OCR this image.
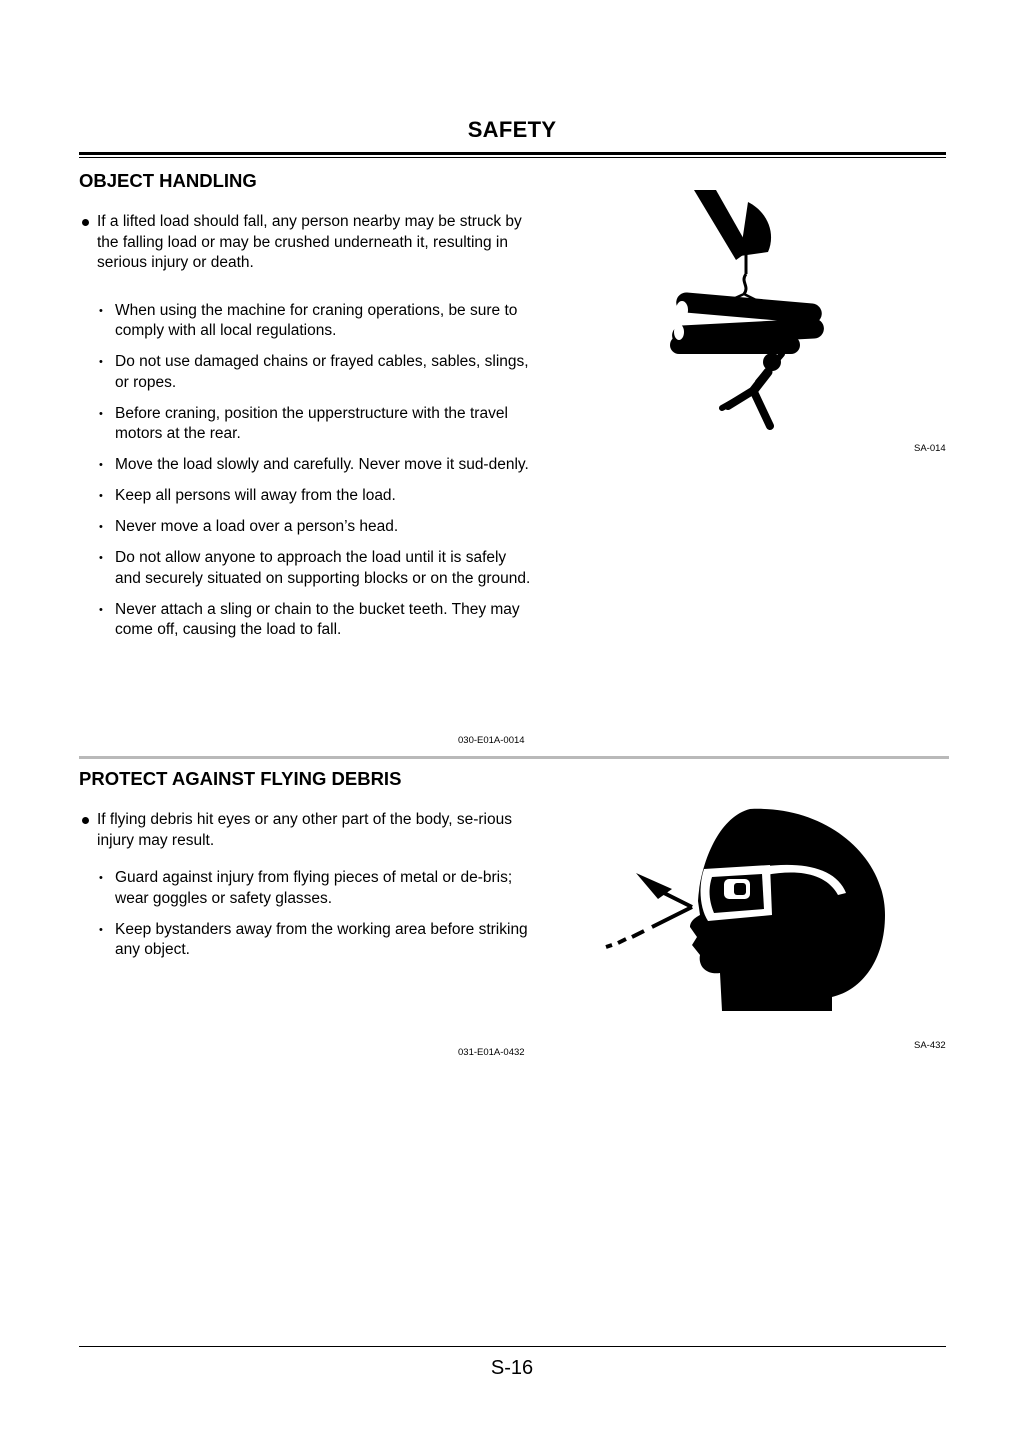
SAFETY
OBJECT HANDLING

If a lifted load should fall, any person nearby may be struck by the falling load or may be crushed underneath it, resulting in serious injury or death.

• When using the machine for craning operations, be sure to comply with all local regulations.
• Do not use damaged chains or frayed cables, sables, slings, or ropes.
• Before craning, position the upperstructure with the travel motors at the rear.
• Move the load slowly and carefully. Never move it sud-denly.
• Keep all persons will away from the load.
• Never move a load over a person’s head.
• Do not allow anyone to approach the load until it is safely and securely situated on supporting blocks or on the ground.
• Never attach a sling or chain to the bucket teeth. They may come off, causing the load to fall.
030-E01A-0014
SA-014
PROTECT AGAINST FLYING DEBRIS

If flying debris hit eyes or any other part of the body, se-rious injury may result.

• Guard against injury from flying pieces of metal or de-bris; wear goggles or safety glasses.
• Keep bystanders away from the working area before striking any object.
031-E01A-0432
SA-432
S-16
